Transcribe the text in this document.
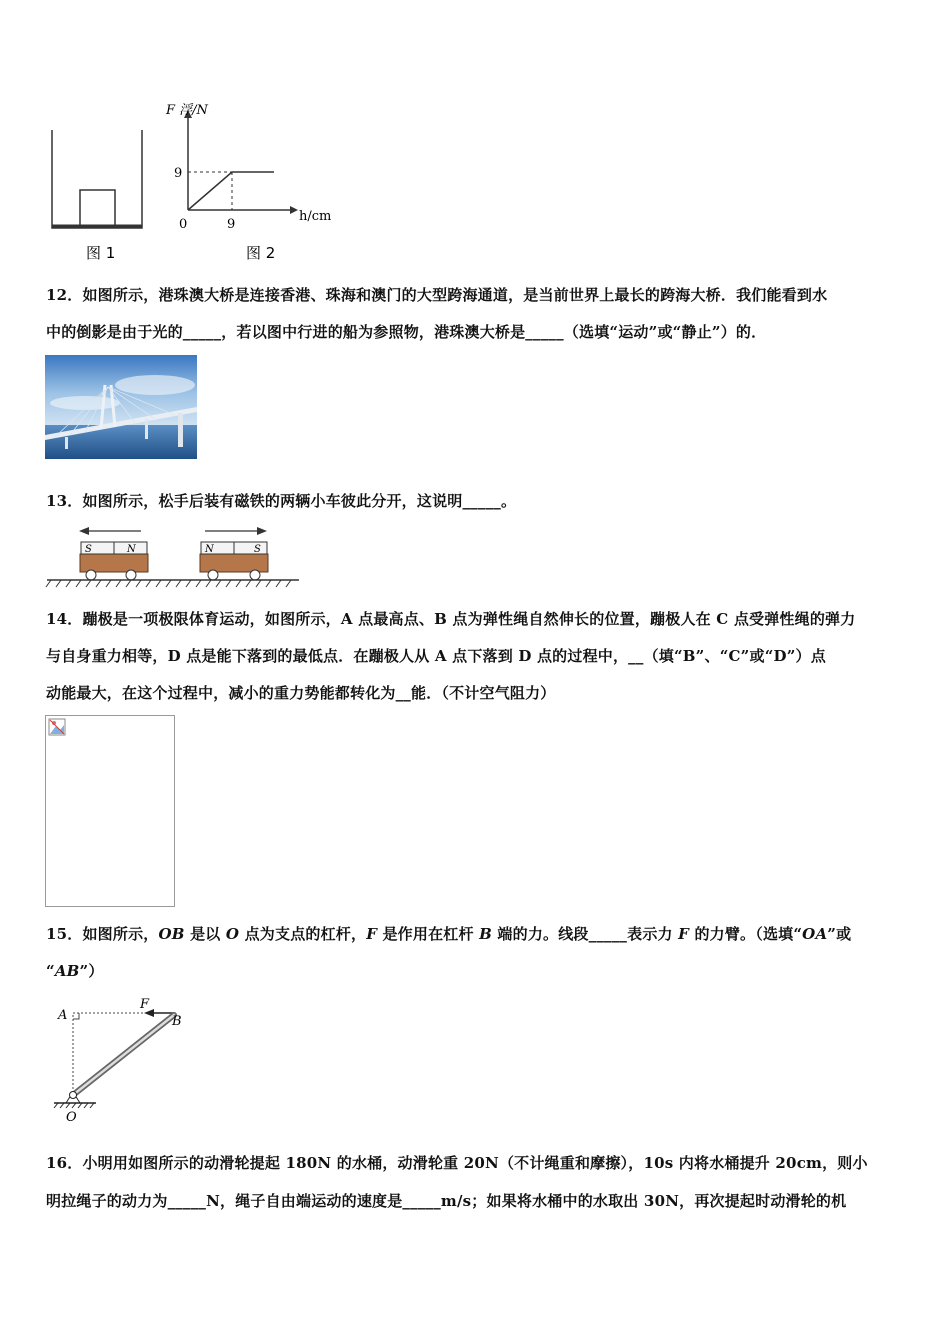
F 浮/N
h/cm
9
9
0
图 1	图 2
12．如图所示，港珠澳大桥是连接香港、珠海和澳门的大型跨海通道，是当前世界上最长的跨海大桥．我们能看到水
中的倒影是由于光的_____，若以图中行进的船为参照物，港珠澳大桥是_____（选填“运动”或“静止”）的．
13．如图所示，松手后装有磁铁的两辆小车彼此分开，这说明_____。
S	N	N	S
14．蹦极是一项极限体育运动，如图所示，A 点最高点、B 点为弹性绳自然伸长的位置，蹦极人在 C 点受弹性绳的弹力
与自身重力相等，D 点是能下落到的最低点．在蹦极人从 A 点下落到 D 点的过程中，__（填“B”、“C”或“D”）点
动能最大，在这个过程中，减小的重力势能都转化为__能．（不计空气阻力）
15．如图所示，OB 是以 O 点为支点的杠杆，F 是作用在杠杆 B 端的力。线段_____表示力 F 的力臂。（选填“OA”或
“AB”）
A	B
F
O
16．小明用如图所示的动滑轮提起 180N 的水桶，动滑轮重 20N（不计绳重和摩擦），10s 内将水桶提升 20cm，则小
明拉绳子的动力为_____N，绳子自由端运动的速度是_____m/s；如果将水桶中的水取出 30N，再次提起时动滑轮的机
